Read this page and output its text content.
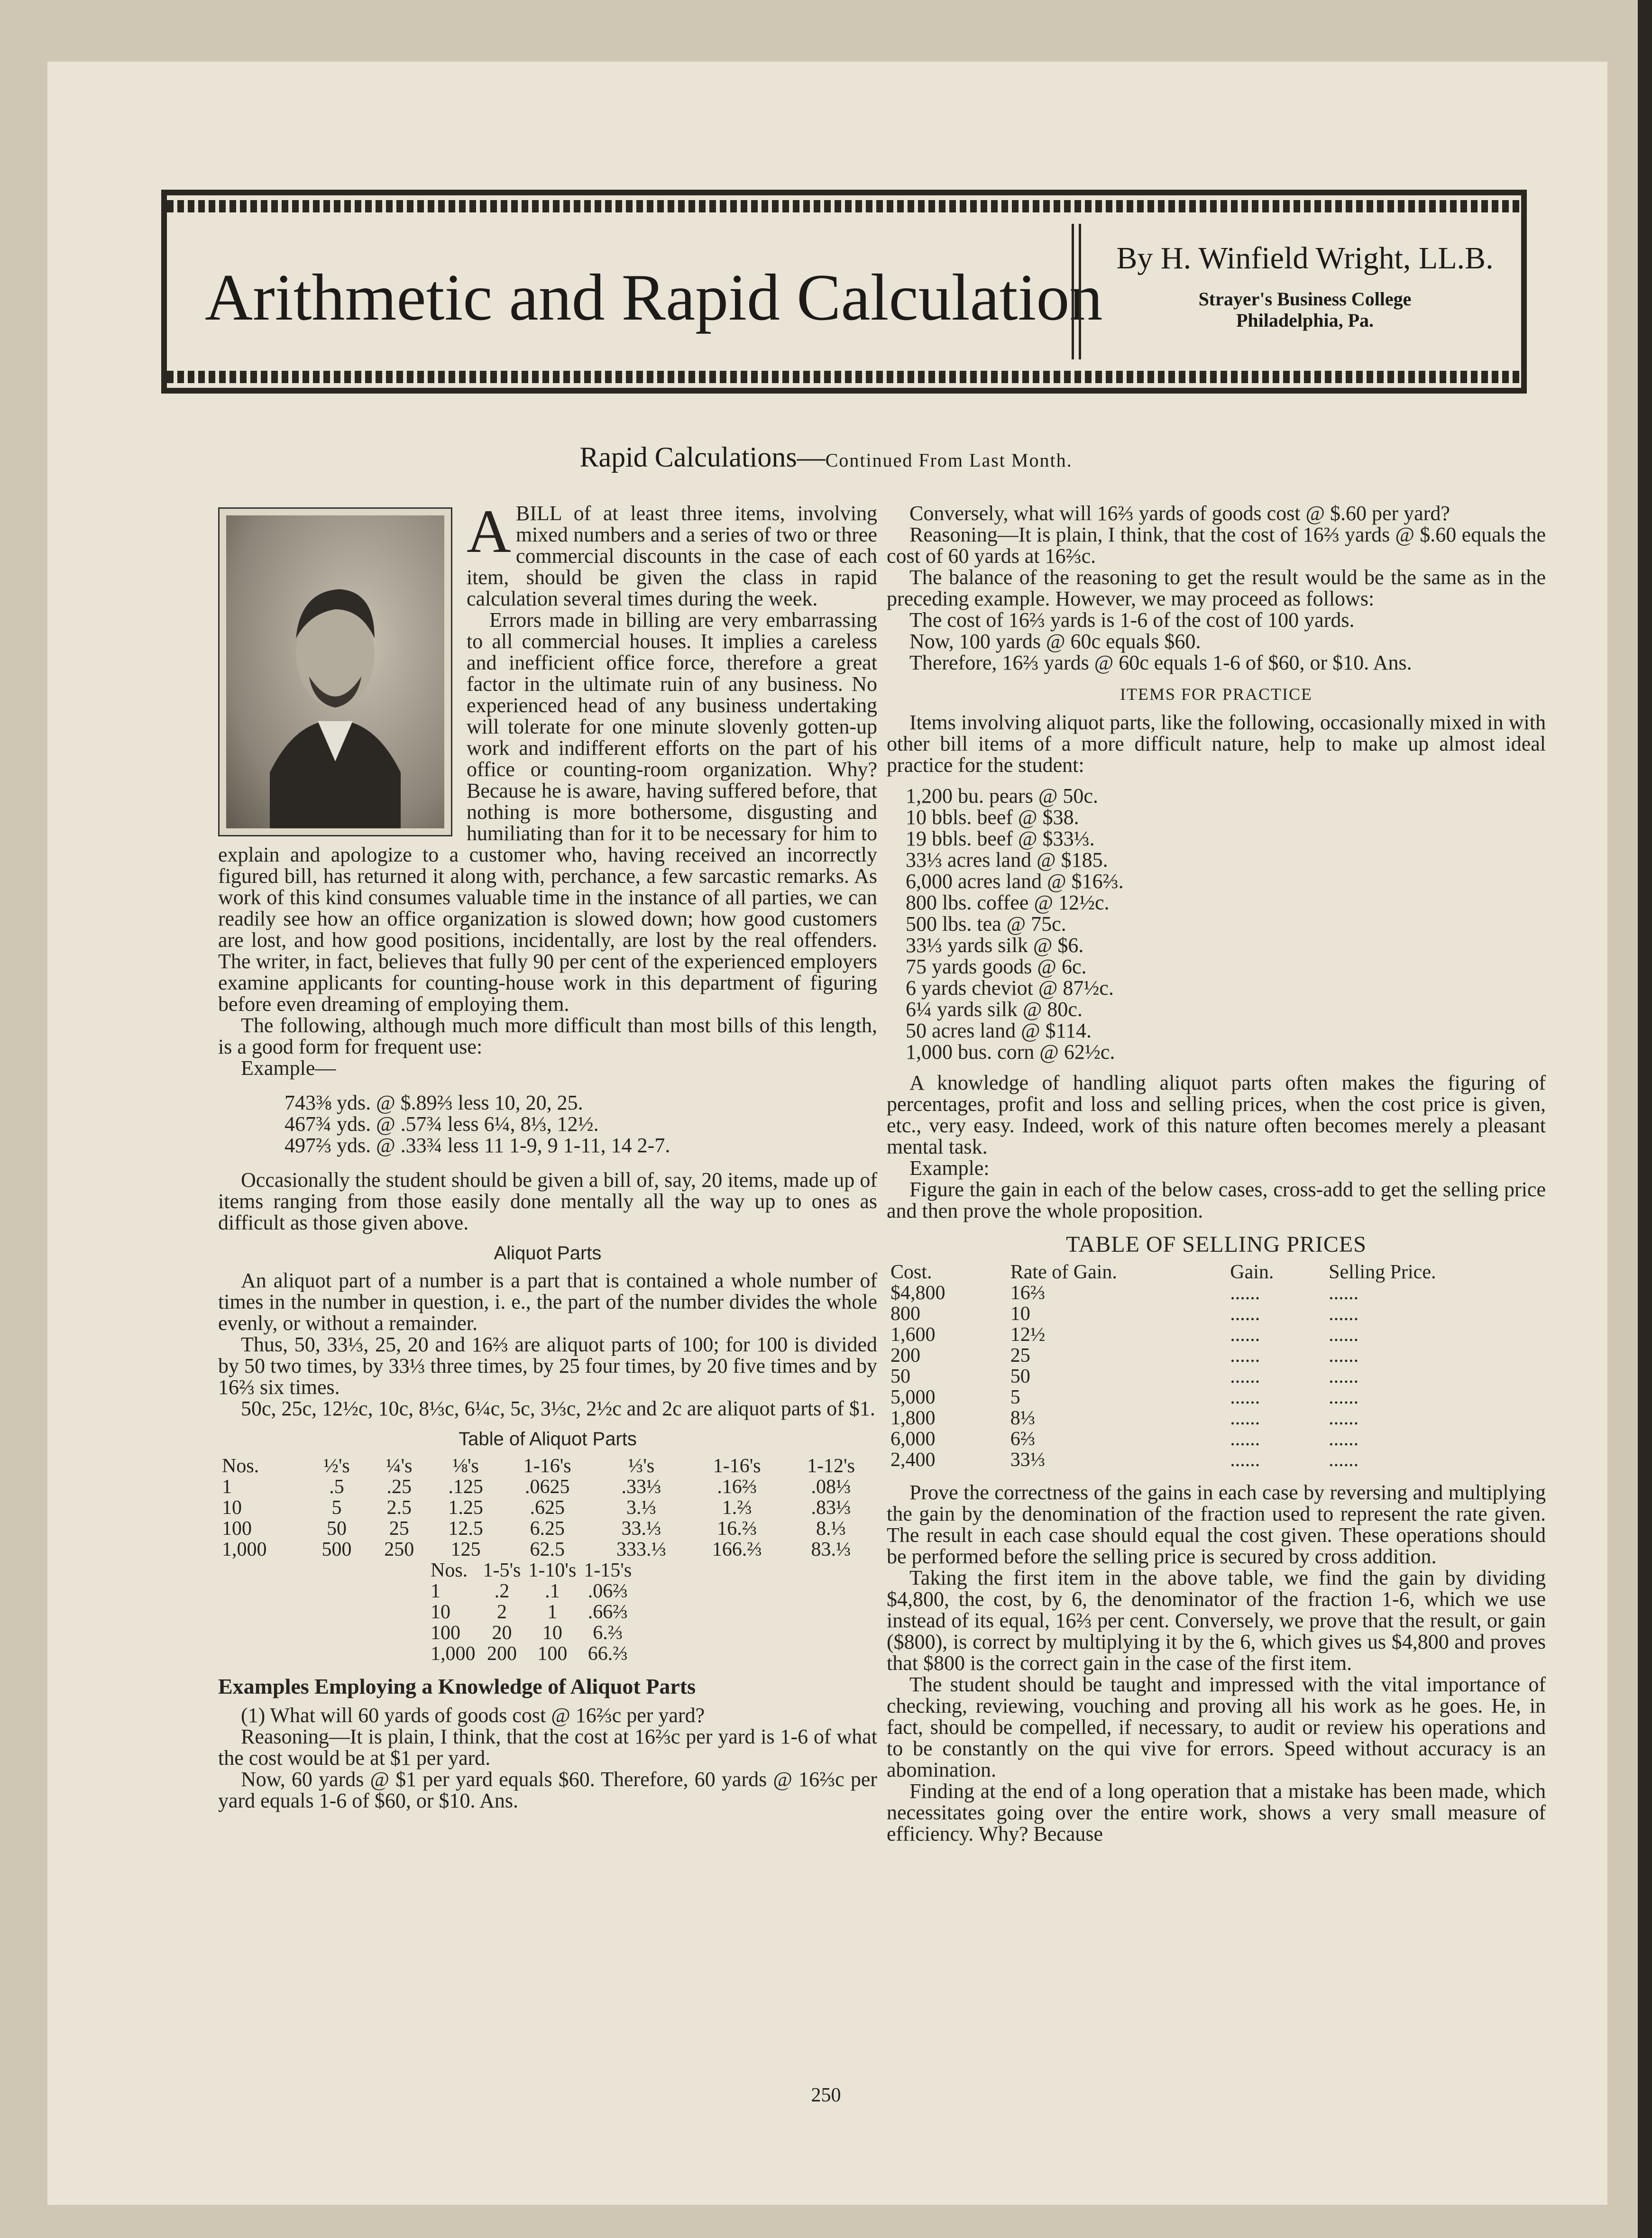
Arithmetic and Rapid Calculation
By H. Winfield Wright, LL.B.
Strayer's Business College
Philadelphia, Pa.
Rapid Calculations—Continued From Last Month.
A BILL of at least three items, involving mixed numbers and a series of two or three commercial discounts in the case of each item, should be given the class in rapid calculation several times during the week.

Errors made in billing are very embarrassing to all commercial houses. It implies a careless and inefficient office force, therefore a great factor in the ultimate ruin of any business. No experienced head of any business undertaking will tolerate for one minute slovenly gotten-up work and indifferent efforts on the part of his office or counting-room organization. Why? Because he is aware, having suffered before, that nothing is more bothersome, disgusting and humiliating than for it to be necessary for him to explain and apologize to a customer who, having received an incorrectly figured bill, has returned it along with, perchance, a few sarcastic remarks. As work of this kind consumes valuable time in the instance of all parties, we can readily see how an office organization is slowed down; how good customers are lost, and how good positions, incidentally, are lost by the real offenders. The writer, in fact, believes that fully 90 per cent of the experienced employers examine applicants for counting-house work in this department of figuring before even dreaming of employing them.

The following, although much more difficult than most bills of this length, is a good form for frequent use:

Example—

743⅜ yds. @ $.89⅔ less 10, 20, 25.
467¾ yds. @ .57¾ less 6¼, 8⅓, 12½.
497⅔ yds. @ .33¾ less 11 1-9, 9 1-11, 14 2-7.

Occasionally the student should be given a bill of, say, 20 items, made up of items ranging from those easily done mentally all the way up to ones as difficult as those given above.

Aliquot Parts

An aliquot part of a number is a part that is contained a whole number of times in the number in question, i. e., the part of the number divides the whole evenly, or without a remainder.

Thus, 50, 33⅓, 25, 20 and 16⅔ are aliquot parts of 100; for 100 is divided by 50 two times, by 33⅓ three times, by 25 four times, by 20 five times and by 16⅔ six times.

50c, 25c, 12½c, 10c, 8⅓c, 6¼c, 5c, 3⅓c, 2½c and 2c are aliquot parts of $1.

Table of Aliquot Parts
Nos.	½'s	¼'s	⅛'s	1-16's	⅓'s	1-16's	1-12's
1	.5	.25	.125	.0625	.33⅓	.16⅔	.08⅓
10	5	2.5	1.25	.625	3.⅓	1.⅔	.83⅓
100	50	25	12.5	6.25	33.⅓	16.⅔	8.⅓
1,000	500	250	125	62.5	333.⅓	166.⅔	83.⅓
Nos.	1-5's	1-10's	1-15's
1	.2	.1	.06⅔
10	2	1	.66⅔
100	20	10	6.⅔
1,000	200	100	66.⅔
Examples Employing a Knowledge of Aliquot Parts

(1) What will 60 yards of goods cost @ 16⅔c per yard?

Reasoning—It is plain, I think, that the cost at 16⅔c per yard is 1-6 of what the cost would be at $1 per yard.

Now, 60 yards @ $1 per yard equals $60. Therefore, 60 yards @ 16⅔c per yard equals 1-6 of $60, or $10. Ans.

Conversely, what will 16⅔ yards of goods cost @ $.60 per yard?

Reasoning—It is plain, I think, that the cost of 16⅔ yards @ $.60 equals the cost of 60 yards at 16⅔c.

The balance of the reasoning to get the result would be the same as in the preceding example. However, we may proceed as follows:

The cost of 16⅔ yards is 1-6 of the cost of 100 yards.

Now, 100 yards @ 60c equals $60.

Therefore, 16⅔ yards @ 60c equals 1-6 of $60, or $10. Ans.

ITEMS FOR PRACTICE

Items involving aliquot parts, like the following, occasionally mixed in with other bill items of a more difficult nature, help to make up almost ideal practice for the student:

1,200 bu. pears @ 50c.
10 bbls. beef @ $38.
19 bbls. beef @ $33⅓.
33⅓ acres land @ $185.
6,000 acres land @ $16⅔.
800 lbs. coffee @ 12½c.
500 lbs. tea @ 75c.
33⅓ yards silk @ $6.
75 yards goods @ 6c.
6 yards cheviot @ 87½c.
6¼ yards silk @ 80c.
50 acres land @ $114.
1,000 bus. corn @ 62½c.

A knowledge of handling aliquot parts often makes the figuring of percentages, profit and loss and selling prices, when the cost price is given, etc., very easy. Indeed, work of this nature often becomes merely a pleasant mental task.

Example:

Figure the gain in each of the below cases, cross-add to get the selling price and then prove the whole proposition.

TABLE OF SELLING PRICES
Cost.	Rate of Gain.	Gain.	Selling Price.
$4,800	16⅔	......	......
800	10	......	......
1,600	12½	......	......
200	25	......	......
50	50	......	......
5,000	5	......	......
1,800	8⅓	......	......
6,000	6⅔	......	......
2,400	33⅓	......	......

Prove the correctness of the gains in each case by reversing and multiplying the gain by the denomination of the fraction used to represent the rate given. The result in each case should equal the cost given. These operations should be performed before the selling price is secured by cross addition.

Taking the first item in the above table, we find the gain by dividing $4,800, the cost, by 6, the denominator of the fraction 1-6, which we use instead of its equal, 16⅔ per cent. Conversely, we prove that the result, or gain ($800), is correct by multiplying it by the 6, which gives us $4,800 and proves that $800 is the correct gain in the case of the first item.

The student should be taught and impressed with the vital importance of checking, reviewing, vouching and proving all his work as he goes. He, in fact, should be compelled, if necessary, to audit or review his operations and to be constantly on the qui vive for errors. Speed without accuracy is an abomination.

Finding at the end of a long operation that a mistake has been made, which necessitates going over the entire work, shows a very small measure of efficiency. Why? Because

250
